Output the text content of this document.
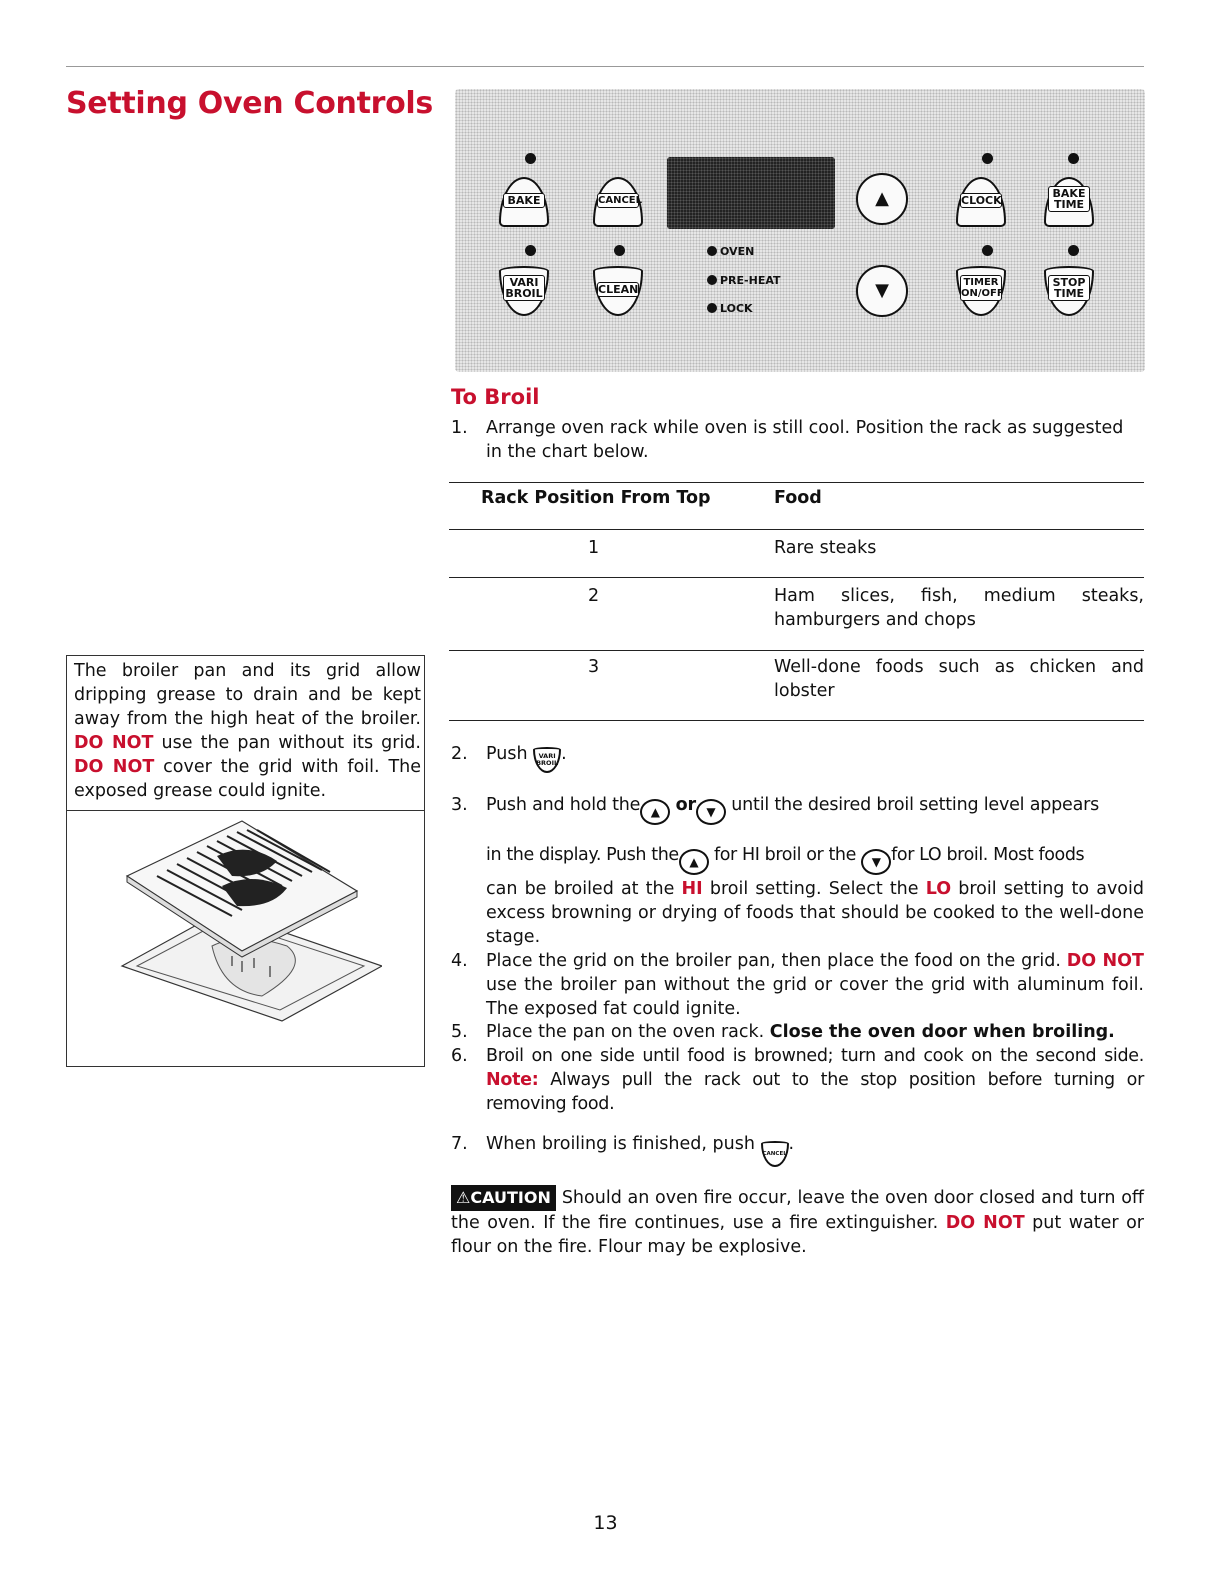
Setting Oven Controls
BAKE	CANCEL	▲	CLOCK
BAKE
TIME
VARI
BROIL	CLEAN
OVEN
PRE-HEAT
LOCK
▼	TIMER
ON/OFF
STOP
TIME
To Broil
1. Arrange oven rack while oven is still cool. Position the rack as suggested in the chart below.
Rack Position From Top	Food
1	Rare steaks
2	Ham slices, fish, medium steaks, hamburgers and chops
3	Well-done foods such as chicken and lobster
The broiler pan and its grid allow dripping grease to drain and be kept away from the high heat of the broiler. DO NOT use the pan without its grid. DO NOT cover the grid with foil. The exposed grease could ignite.
2. Push VARI
BROIL .
3. Push and hold the ▲ or ▼ until the desired broil setting level appears
in the display. Push the ▲ for HI broil or the ▼ for LO broil. Most foods
can be broiled at the HI broil setting. Select the LO broil setting to avoid excess browning or drying of foods that should be cooked to the well-done stage.
4. Place the grid on the broiler pan, then place the food on the grid. DO NOT use the broiler pan without the grid or cover the grid with aluminum foil. The exposed fat could ignite.
5. Place the pan on the oven rack. Close the oven door when broiling.
6. Broil on one side until food is browned; turn and cook on the second side. Note: Always pull the rack out to the stop position before turning or removing food.
7. When broiling is finished, push CANCEL .
⚠CAUTION Should an oven fire occur, leave the oven door closed and turn off the oven. If the fire continues, use a fire extinguisher. DO NOT put water or flour on the fire. Flour may be explosive.
13
